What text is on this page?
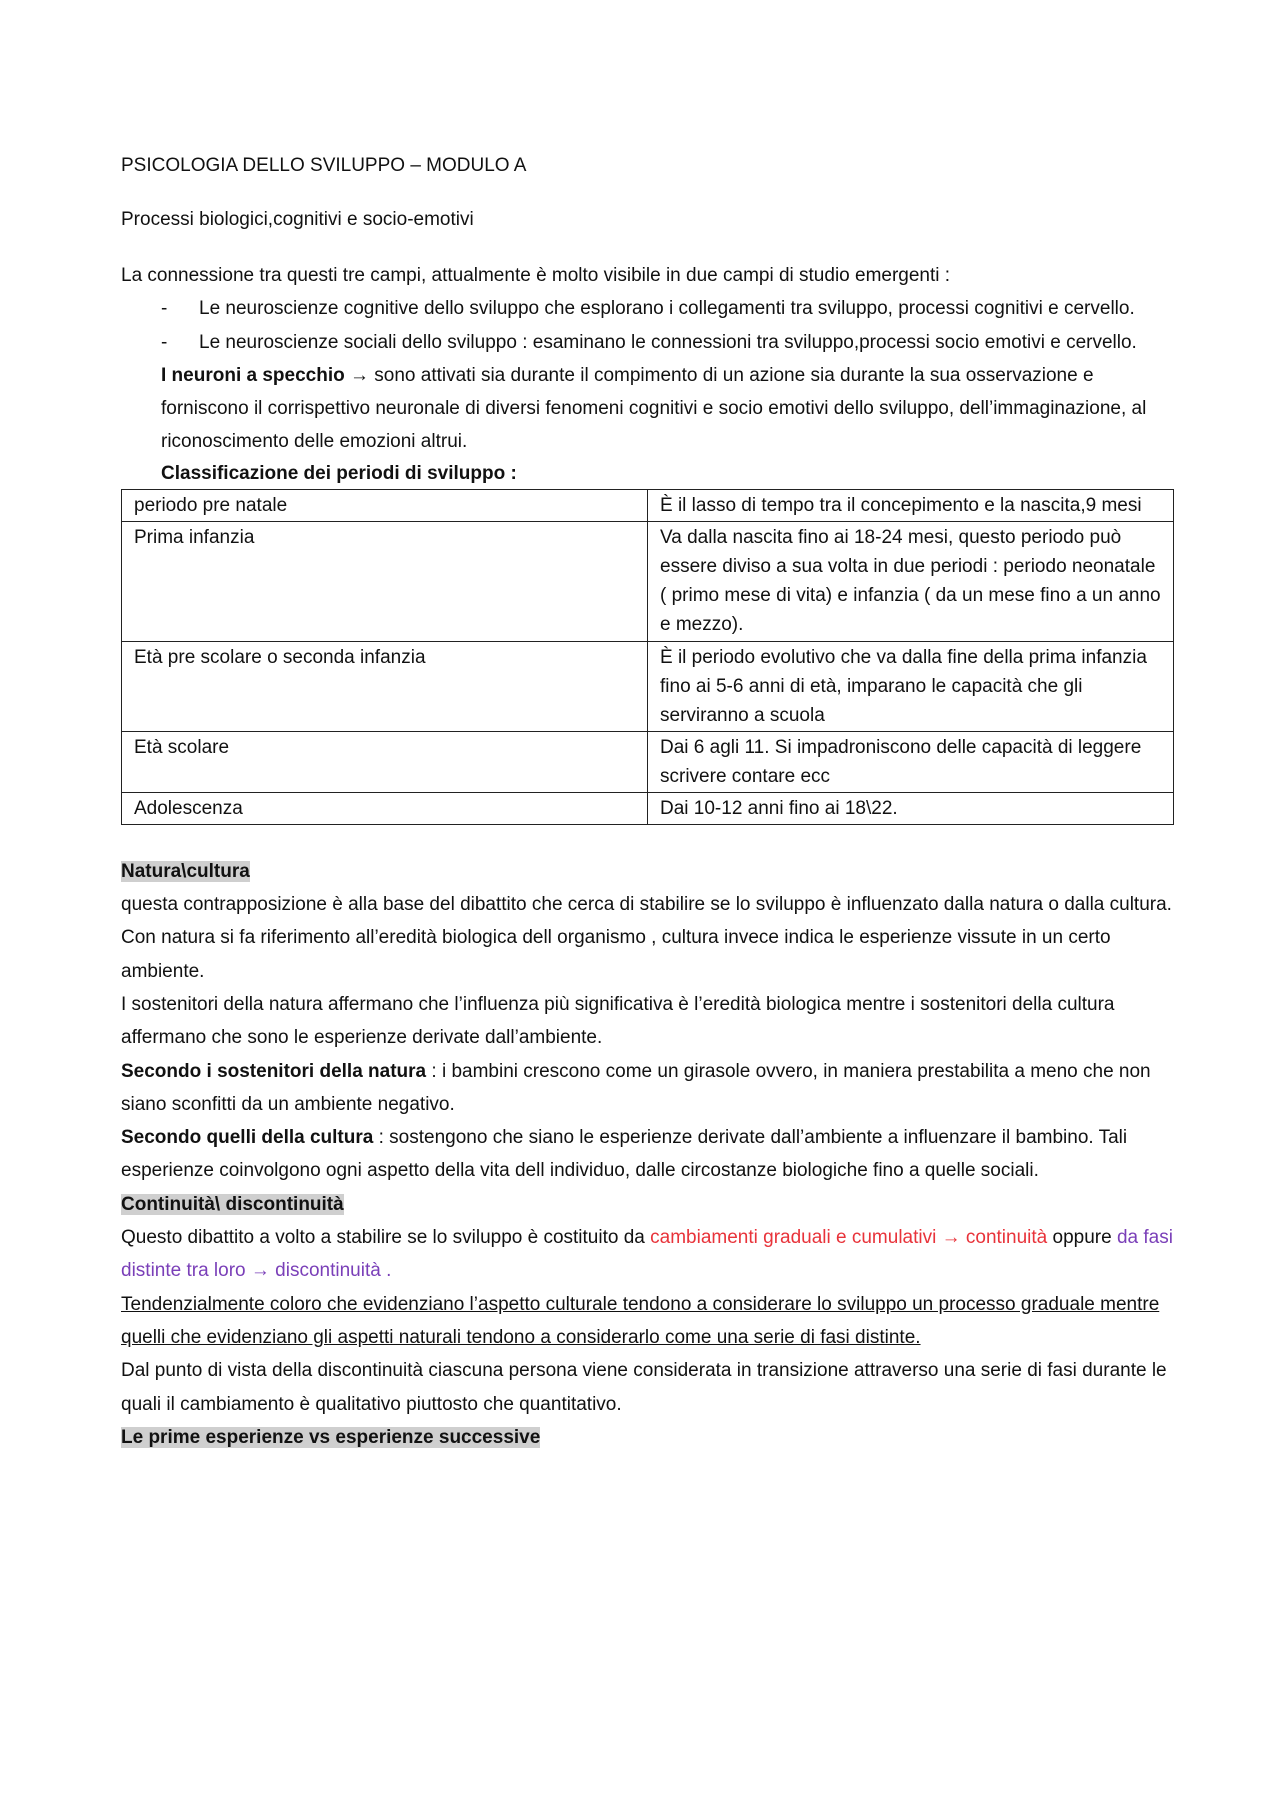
PSICOLOGIA DELLO SVILUPPO – MODULO A

Processi biologici,cognitivi e socio-emotivi

La connessione tra questi tre campi, attualmente è molto visibile in due campi di studio emergenti :

- Le neuroscienze cognitive dello sviluppo che esplorano i collegamenti tra sviluppo, processi cognitivi e cervello.
- Le neuroscienze sociali dello sviluppo : esaminano le connessioni tra sviluppo,processi socio emotivi e cervello.

I neuroni a specchio → sono attivati sia durante il compimento di un azione sia durante la sua osservazione e forniscono il corrispettivo neuronale di diversi fenomeni cognitivi e socio emotivi dello sviluppo, dell’immaginazione, al riconoscimento delle emozioni altrui.

Classificazione dei periodi di sviluppo :

periodo pre natale	È il lasso di tempo tra il concepimento e la nascita,9 mesi
Prima infanzia	Va dalla nascita fino ai 18-24 mesi, questo periodo può essere diviso a sua volta in due periodi : periodo neonatale ( primo mese di vita) e infanzia ( da un mese fino a un anno e mezzo).
Età pre scolare o seconda infanzia	È il periodo evolutivo che va dalla fine della prima infanzia fino ai 5-6 anni di età, imparano le capacità che gli serviranno a scuola
Età scolare	Dai 6 agli 11. Si impadroniscono delle capacità di leggere scrivere contare ecc
Adolescenza	Dai 10-12 anni fino ai 18\22.

Natura\cultura

questa contrapposizione è alla base del dibattito che cerca di stabilire se lo sviluppo è influenzato dalla natura o dalla cultura.

Con natura si fa riferimento all’eredità biologica dell organismo , cultura invece indica le esperienze vissute in un certo ambiente.

I sostenitori della natura affermano che l’influenza più significativa è l’eredità biologica mentre i sostenitori della cultura affermano che sono le esperienze derivate dall’ambiente.

Secondo i sostenitori della natura : i bambini crescono come un girasole ovvero, in maniera prestabilita a meno che non siano sconfitti da un ambiente negativo.

Secondo quelli della cultura : sostengono che siano le esperienze derivate dall’ambiente a influenzare il bambino. Tali esperienze coinvolgono ogni aspetto della vita dell individuo, dalle circostanze biologiche fino a quelle sociali.

Continuità\ discontinuità

Questo dibattito a volto a stabilire se lo sviluppo è costituito da cambiamenti graduali e cumulativi → continuità oppure da fasi distinte tra loro → discontinuità .

Tendenzialmente coloro che evidenziano l’aspetto culturale tendono a considerare lo sviluppo un processo graduale mentre quelli che evidenziano gli aspetti naturali tendono a considerarlo come una serie di fasi distinte.

Dal punto di vista della discontinuità ciascuna persona viene considerata in transizione attraverso una serie di fasi durante le quali il cambiamento è qualitativo piuttosto che quantitativo.

Le prime esperienze vs esperienze successive
